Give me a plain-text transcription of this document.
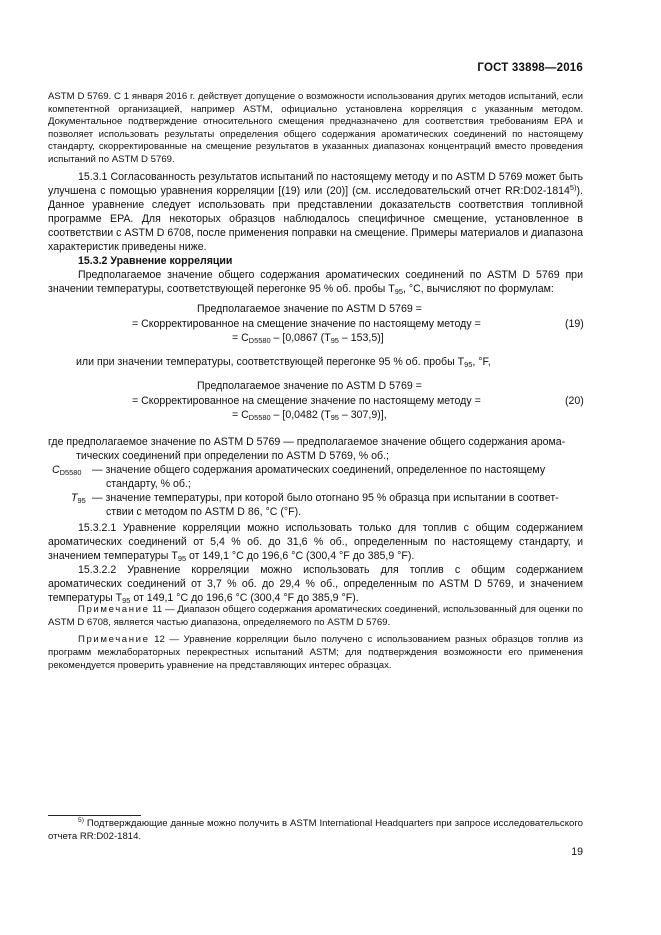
ГОСТ 33898—2016

ASTM D 5769. С 1 января 2016 г. действует допущение о возможности использования других методов испытаний, если компетентной организацией, например ASTM, официально установлена корреляция с указанным методом. Документальное подтверждение относительного смещения предназначено для соответствия требованиям EPA и позволяет использовать результаты определения общего содержания ароматических соединений по настоящему стандарту, скорректированные на смещение результатов в указанных диапазонах концентраций вместо проведения испытаний по ASTM D 5769.

15.3.1 Согласованность результатов испытаний по настоящему методу и по ASTM D 5769 может быть улучшена с помощью уравнения корреляции [(19) или (20)] (см. исследовательский отчет RR:D02-1814$^{5)}$). Данное уравнение следует использовать при представлении доказательств соответствия топливной программе EPA. Для некоторых образцов наблюдалось специфичное смещение, установленное в соответствии с ASTM D 6708, после применения поправки на смещение. Примеры материалов и диапазона характеристик приведены ниже.

15.3.2 Уравнение корреляции

Предполагаемое значение общего содержания ароматических соединений по ASTM D 5769 при значении температуры, соответствующей перегонке 95 % об. пробы $T_{95}$, °С, вычисляют по формулам:

Предполагаемое значение по ASTM D 5769 =
= Скорректированное на смещение значение по настоящему методу =	(19)
= $C_{D5580} - [0,0867$ $(T_{95} - 153,5)$]
или при значении температуры, соответствующей перегонке 95 % об. пробы $T_{95}$, °F,
Предполагаемое значение по ASTM D 5769 =
= Скорректированное на смещение значение по настоящему методу =	(20)
= $C_{D5580} - [0,0482$ $(T_{95} - 307,9)$],
где предполагаемое значение по ASTM D 5769 — предполагаемое значение общего содержания арома-
тических соединений при определении по ASTM D 5769, % об.;
$C_{D5580}$ — значение общего содержания ароматических соединений, определенное по настоящему
стандарту, % об.;
$T_{95}$ — значение температуры, при которой было отогнано 95 % образца при испытании в соответ-
ствии с методом по ASTM D 86, °С (°F).

15.3.2.1 Уравнение корреляции можно использовать только для топлив с общим содержанием ароматических соединений от 5,4 % об. до 31,6 % об., определенным по настоящему стандарту, и значением температуры $T_{95}$ от 149,1 °С до 196,6 °С (300,4 °F до 385,9 °F).

15.3.2.2 Уравнение корреляции можно использовать для топлив с общим содержанием ароматических соединений от 3,7 % об. до 29,4 % об., определенным по ASTM D 5769, и значением температуры $T_{95}$ от 149,1 °С до 196,6 °С (300,4 °F до 385,9 °F).

Примечание 11 — Диапазон общего содержания ароматических соединений, использованный для оценки по ASTM D 6708, является частью диапазона, определяемого по ASTM D 5769.

Примечание 12 — Уравнение корреляции было получено с использованием разных образцов топлив из программ межлабораторных перекрестных испытаний ASTM; для подтверждения возможности его применения рекомендуется проверить уравнение на представляющих интерес образцах.

$^{5)}$ Подтверждающие данные можно получить в ASTM International Headquarters при запросе исследовательского отчета RR:D02-1814.
19
